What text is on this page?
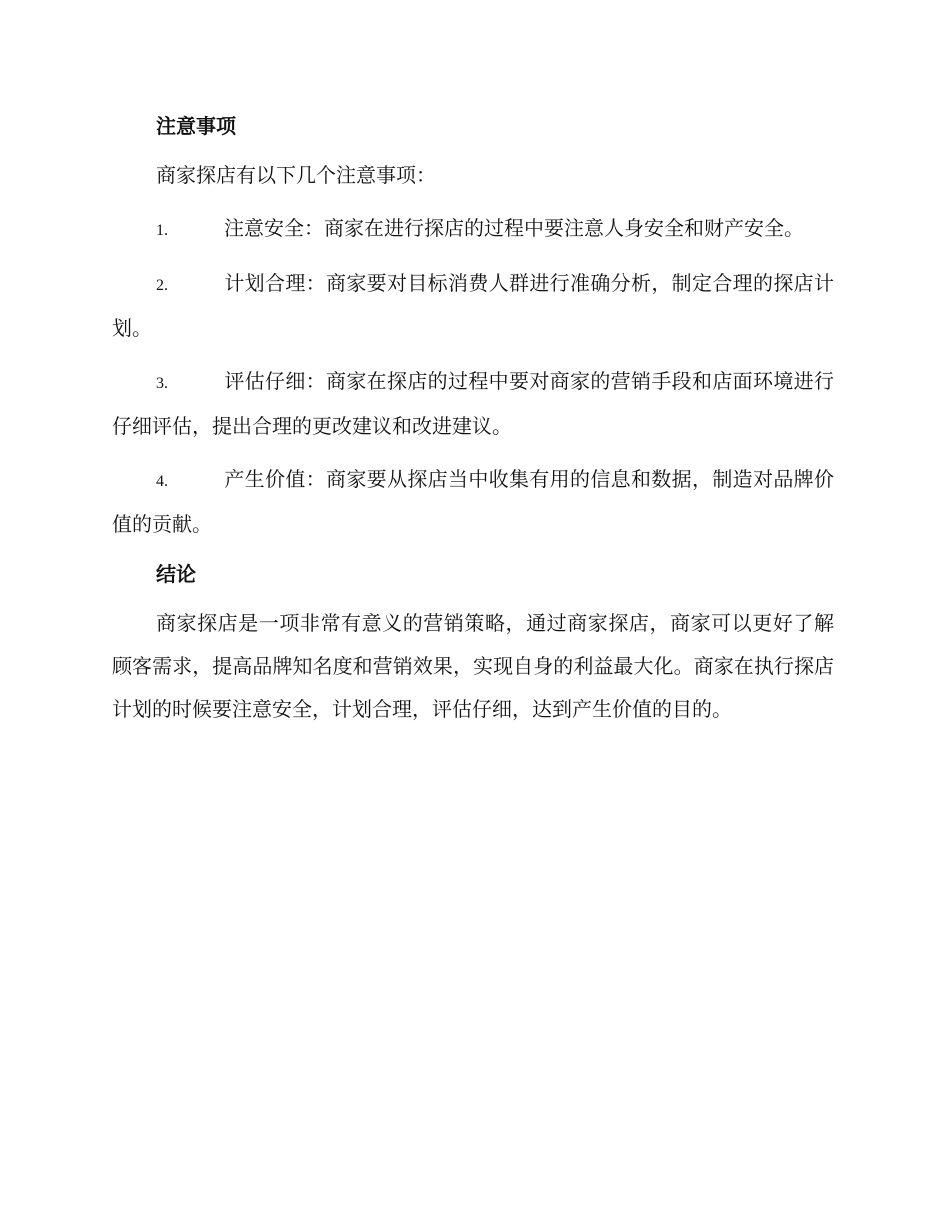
注意事项

商家探店有以下几个注意事项：

1.	注意安全：商家在进行探店的过程中要注意人身安全和财产安全。

2.	计划合理：商家要对目标消费人群进行准确分析，制定合理的探店计划。

3.	评估仔细：商家在探店的过程中要对商家的营销手段和店面环境进行仔细评估，提出合理的更改建议和改进建议。

4.	产生价值：商家要从探店当中收集有用的信息和数据，制造对品牌价值的贡献。

结论

商家探店是一项非常有意义的营销策略，通过商家探店，商家可以更好了解顾客需求，提高品牌知名度和营销效果，实现自身的利益最大化。商家在执行探店计划的时候要注意安全，计划合理，评估仔细，达到产生价值的目的。
